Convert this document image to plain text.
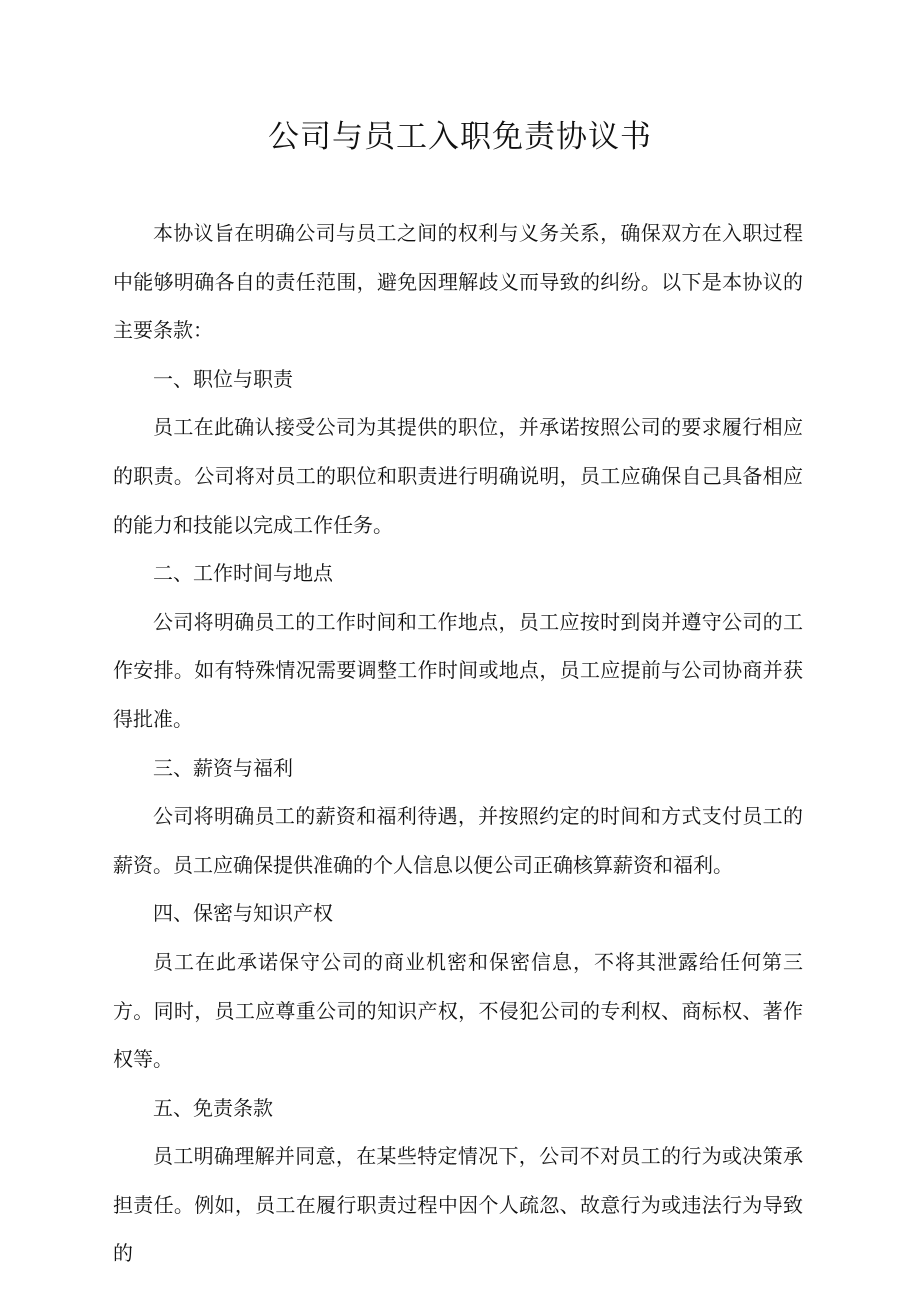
公司与员工入职免责协议书

本协议旨在明确公司与员工之间的权利与义务关系，确保双方在入职过程中能够明确各自的责任范围，避免因理解歧义而导致的纠纷。以下是本协议的主要条款：

一、职位与职责

员工在此确认接受公司为其提供的职位，并承诺按照公司的要求履行相应的职责。公司将对员工的职位和职责进行明确说明，员工应确保自己具备相应的能力和技能以完成工作任务。

二、工作时间与地点

公司将明确员工的工作时间和工作地点，员工应按时到岗并遵守公司的工作安排。如有特殊情况需要调整工作时间或地点，员工应提前与公司协商并获得批准。

三、薪资与福利

公司将明确员工的薪资和福利待遇，并按照约定的时间和方式支付员工的薪资。员工应确保提供准确的个人信息以便公司正确核算薪资和福利。

四、保密与知识产权

员工在此承诺保守公司的商业机密和保密信息，不将其泄露给任何第三方。同时，员工应尊重公司的知识产权，不侵犯公司的专利权、商标权、著作权等。

五、免责条款

员工明确理解并同意，在某些特定情况下，公司不对员工的行为或决策承担责任。例如，员工在履行职责过程中因个人疏忽、故意行为或违法行为导致的
